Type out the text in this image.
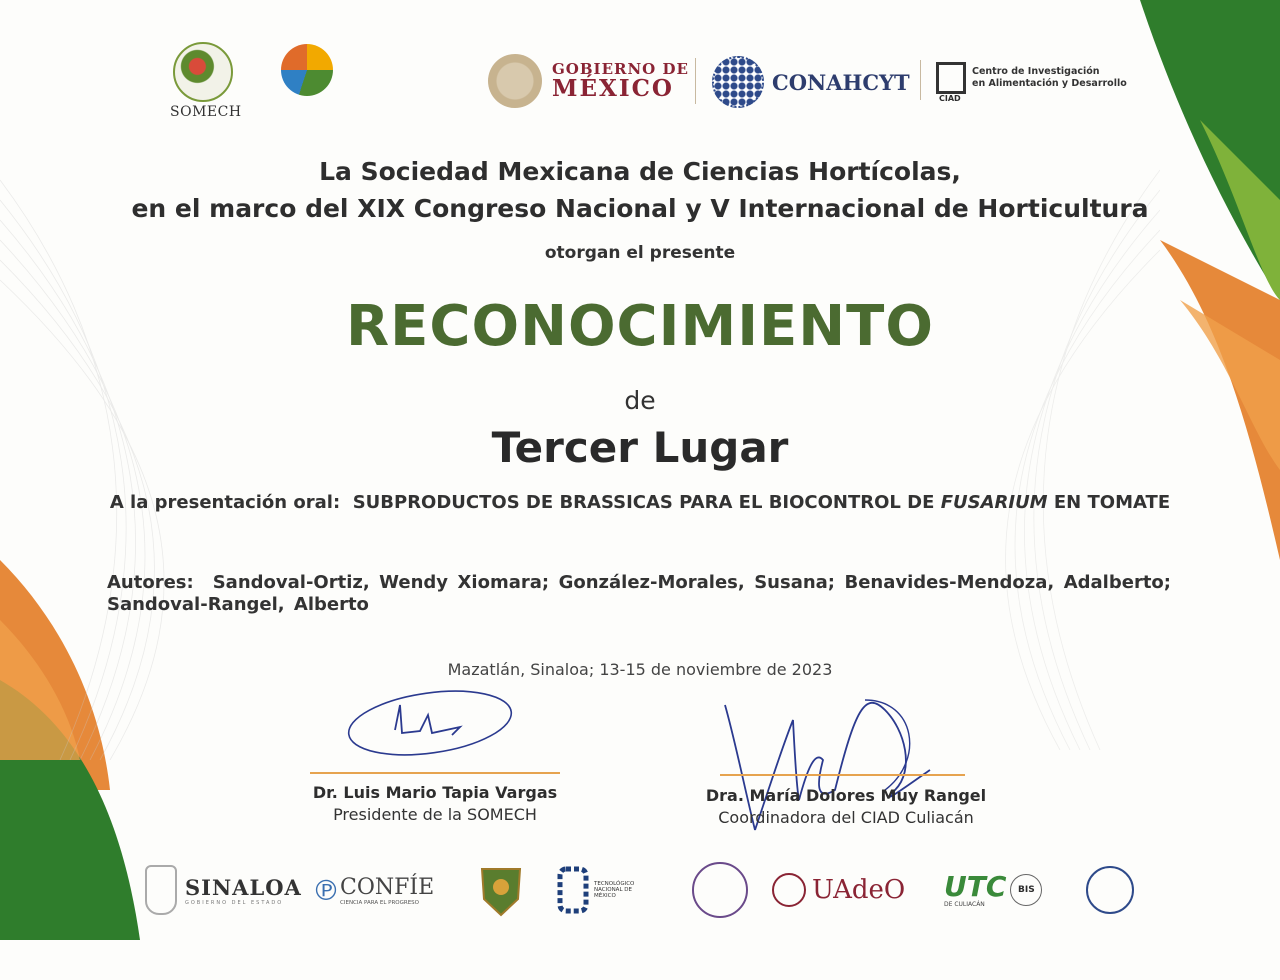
SOMECH
GOBIERNO DE
MÉXICO	CONAHCYT
CIAD
Centro de Investigación
en Alimentación y Desarrollo
La Sociedad Mexicana de Ciencias Hortícolas,
en el marco del XIX Congreso Nacional y V Internacional de Horticultura
otorgan el presente
RECONOCIMIENTO
de
Tercer Lugar
A la presentación oral: SUBPRODUCTOS DE BRASSICAS PARA EL BIOCONTROL DE FUSARIUM EN TOMATE
Autores: Sandoval-Ortiz, Wendy Xiomara; González-Morales, Susana; Benavides-Mendoza, Adalberto; Sandoval-Rangel, Alberto
Mazatlán, Sinaloa; 13-15 de noviembre de 2023
Dr. Luis Mario Tapia Vargas
Presidente de la SOMECH
Dra. María Dolores Muy Rangel
Coordinadora del CIAD Culiacán
SINALOA
GOBIERNO DEL ESTADO	℗ CONFÍE
CIENCIA PARA EL PROGRESO
TECNOLÓGICO NACIONAL DE MÉXICO	UAdeO UTC
DE CULIACÁN
BIS
